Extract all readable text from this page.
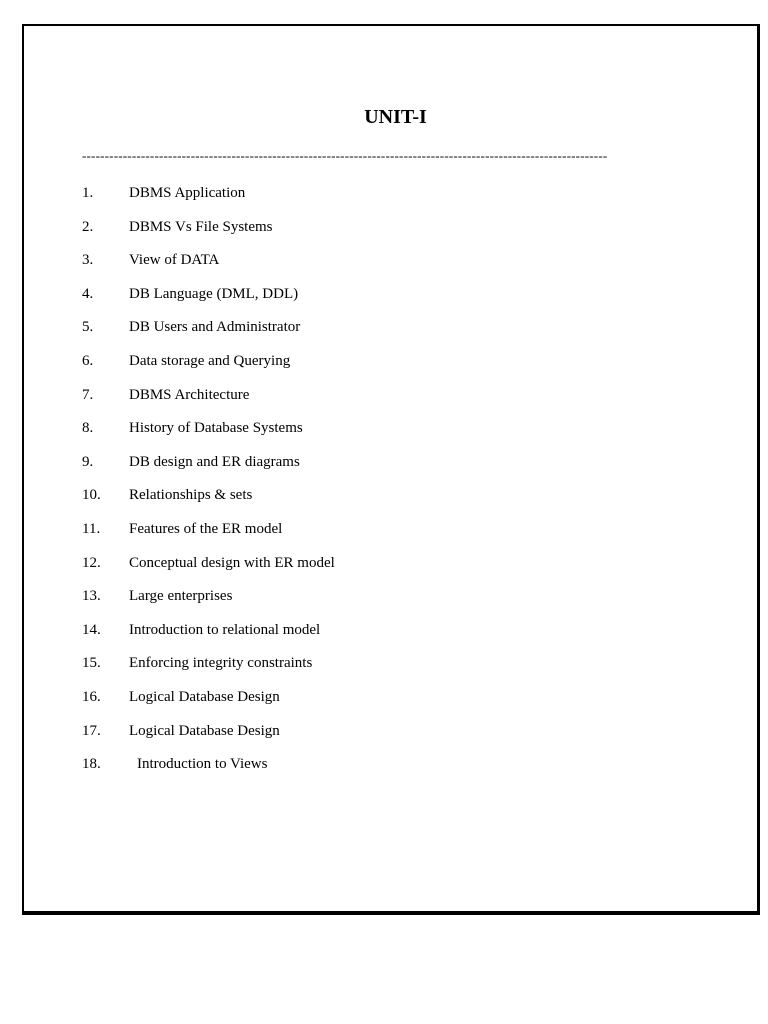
UNIT-I
--------------------------------------------------------------------------------------------------------------------
1. DBMS Application
2. DBMS Vs File Systems
3. View of DATA
4. DB Language (DML, DDL)
5. DB Users and Administrator
6. Data storage and Querying
7. DBMS Architecture
8. History of Database Systems
9. DB design and ER diagrams
10. Relationships & sets
11. Features of the ER model
12. Conceptual design with ER model
13. Large enterprises
14. Introduction to relational model
15. Enforcing integrity constraints
16. Logical Database Design
17. Logical Database Design
18. Introduction to Views
